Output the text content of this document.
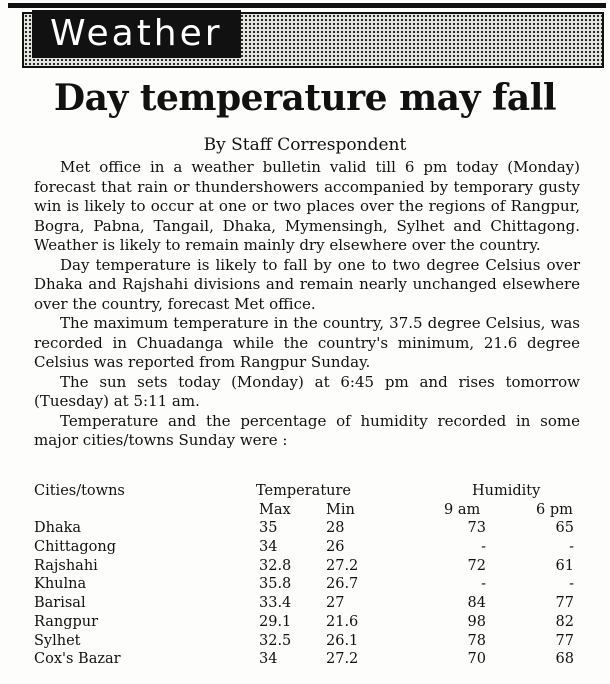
Weather
Day temperature may fall
By Staff Correspondent

Met office in a weather bulletin valid till 6 pm today (Monday) forecast that rain or thundershowers accompanied by temporary gusty win is likely to occur at one or two places over the regions of Rangpur, Bogra, Pabna, Tangail, Dhaka, Mymensingh, Sylhet and Chittagong. Weather is likely to remain mainly dry elsewhere over the country.

Day temperature is likely to fall by one to two degree Celsius over Dhaka and Rajshahi divisions and remain nearly unchanged elsewhere over the country, forecast Met office.

The maximum temperature in the country, 37.5 degree Celsius, was recorded in Chuadanga while the country's minimum, 21.6 degree Celsius was reported from Rangpur Sunday.

The sun sets today (Monday) at 6:45 pm and rises tomorrow (Tuesday) at 5:11 am.

Temperature and the percentage of humidity recorded in some major cities/towns Sunday were :

Cities/towns	Temperature	Humidity
Max Min	9 am	6 pm
Dhaka	35	28	73	65
Chittagong	34	26	-	-
Rajshahi	32.8 27.2	72	61
Khulna	35.8 26.7	-	-
Barisal	33.4 27	84	77
Rangpur	29.1 21.6	98	82
Sylhet	32.5 26.1	78	77
Cox's Bazar	34	27.2	70	68
